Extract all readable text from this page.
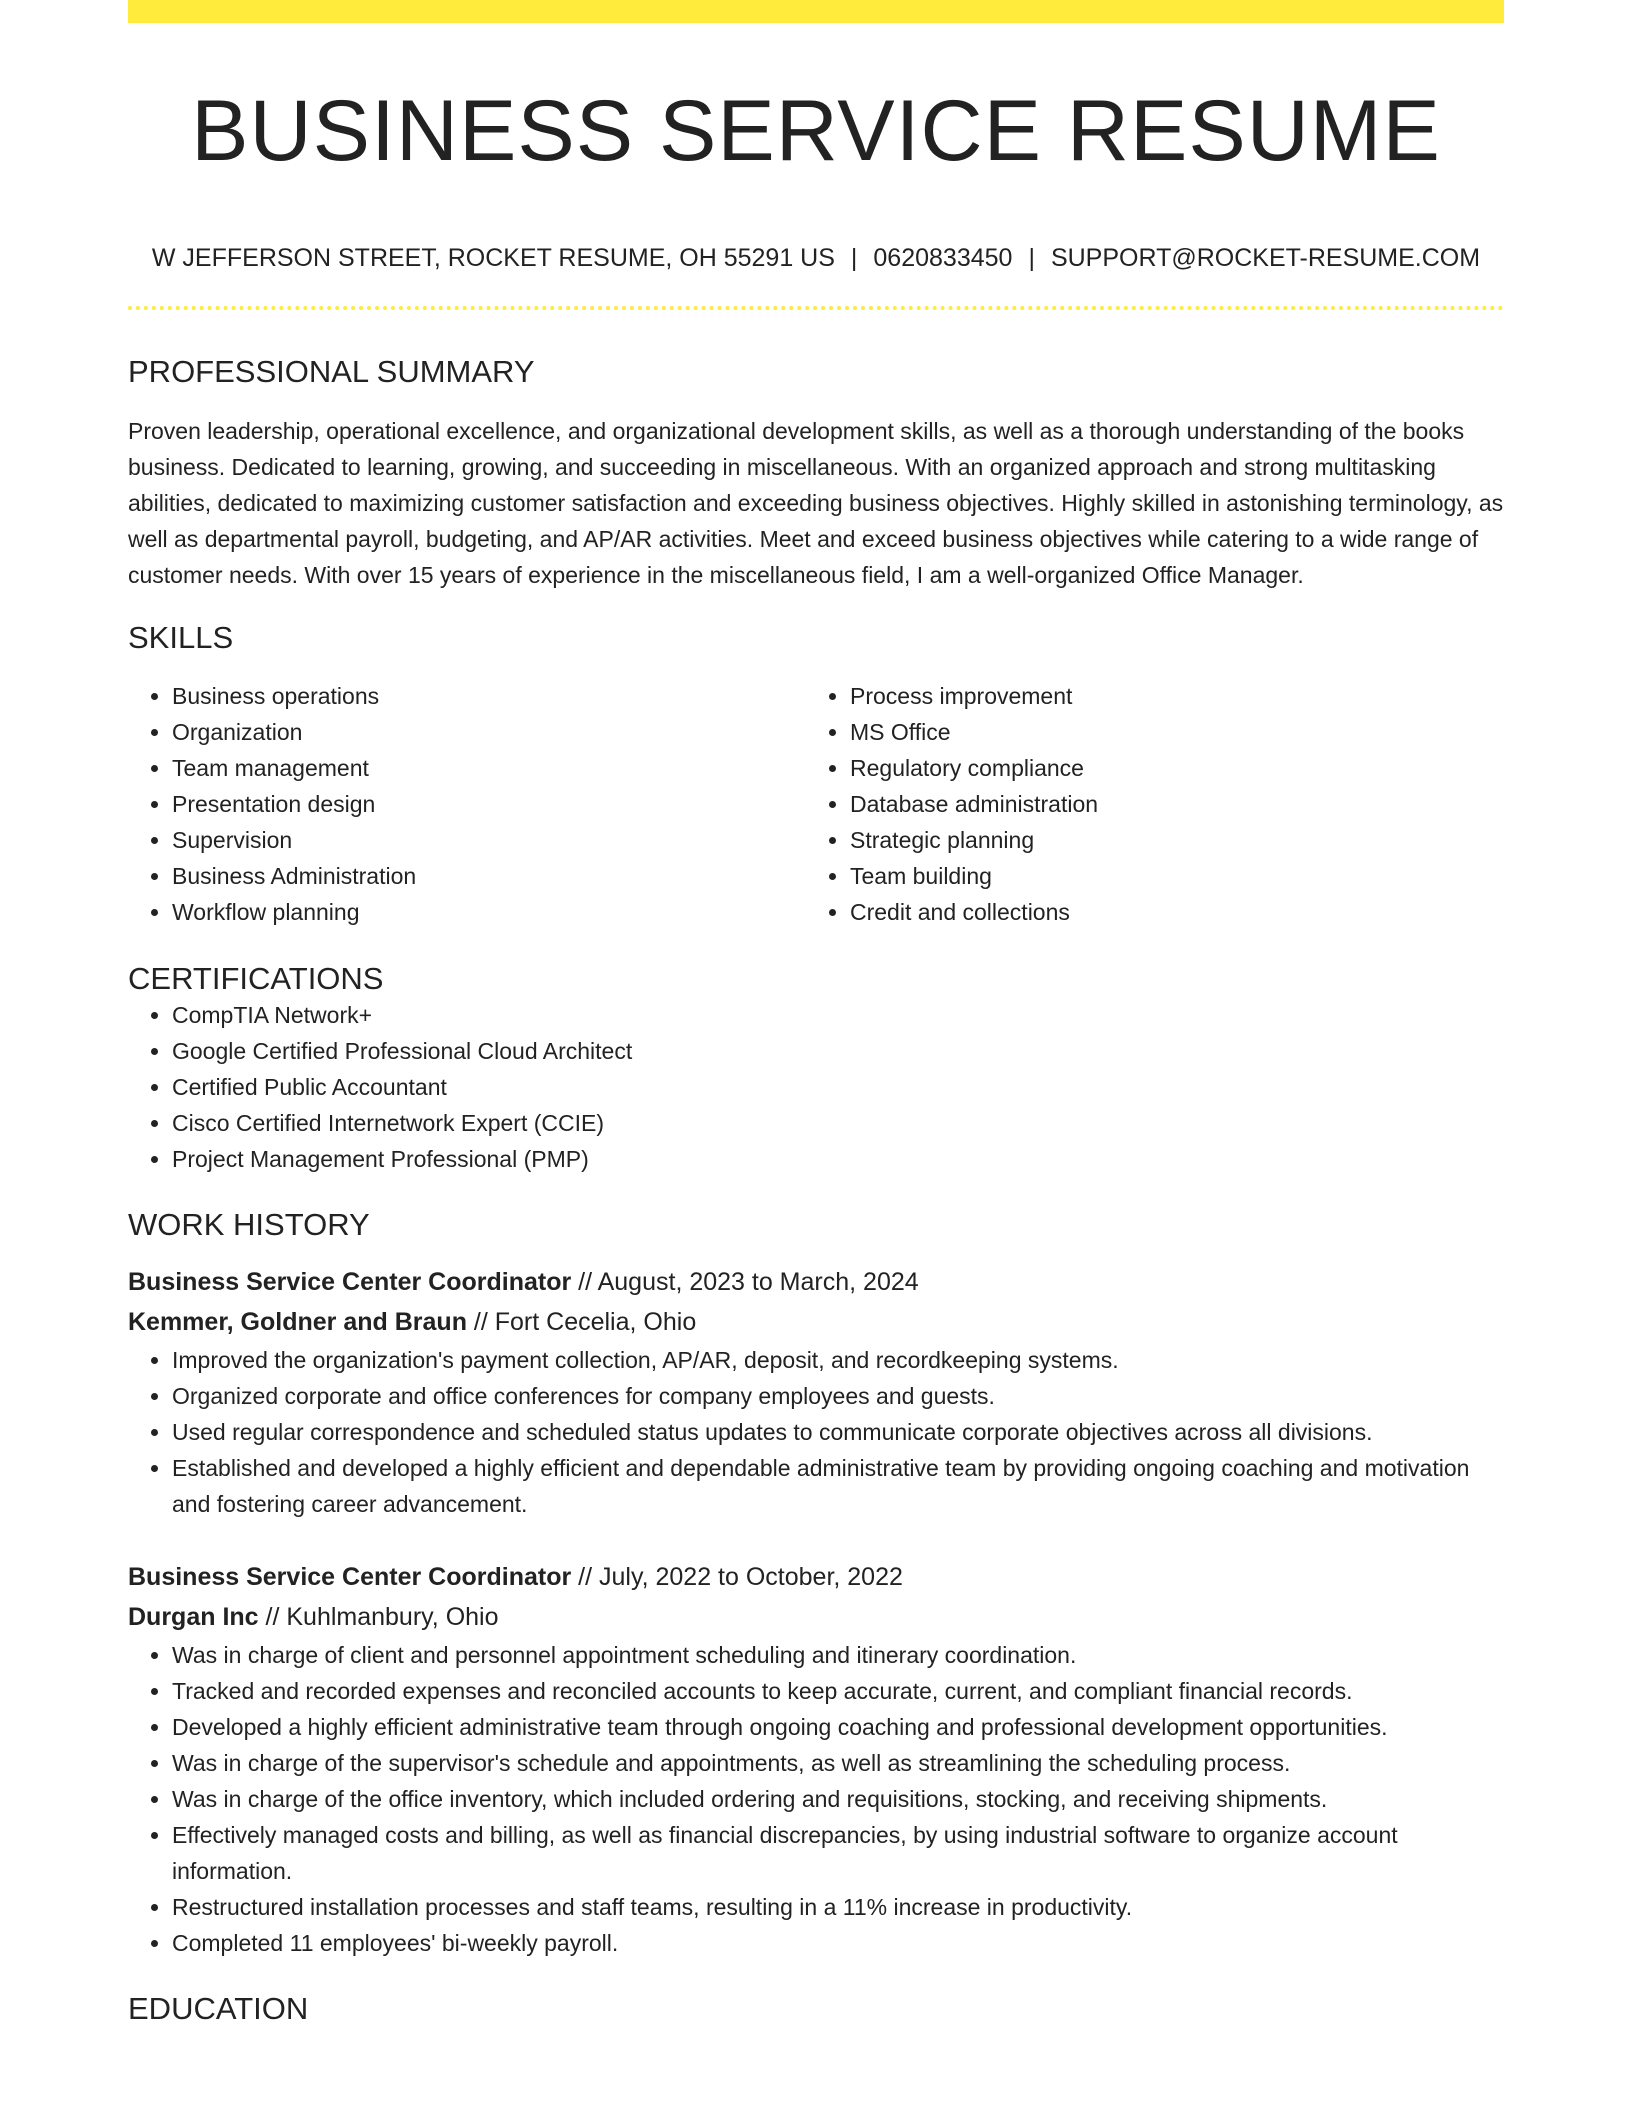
BUSINESS SERVICE RESUME
W JEFFERSON STREET, ROCKET RESUME, OH 55291 US | 0620833450 | SUPPORT@ROCKET-RESUME.COM
PROFESSIONAL SUMMARY
Proven leadership, operational excellence, and organizational development skills, as well as a thorough understanding of the books business. Dedicated to learning, growing, and succeeding in miscellaneous. With an organized approach and strong multitasking abilities, dedicated to maximizing customer satisfaction and exceeding business objectives. Highly skilled in astonishing terminology, as well as departmental payroll, budgeting, and AP/AR activities. Meet and exceed business objectives while catering to a wide range of customer needs. With over 15 years of experience in the miscellaneous field, I am a well-organized Office Manager.
SKILLS
• Business operations
• Organization
• Team management
• Presentation design
• Supervision
• Business Administration
• Workflow planning
• Process improvement
• MS Office
• Regulatory compliance
• Database administration
• Strategic planning
• Team building
• Credit and collections
CERTIFICATIONS
• CompTIA Network+
• Google Certified Professional Cloud Architect
• Certified Public Accountant
• Cisco Certified Internetwork Expert (CCIE)
• Project Management Professional (PMP)
WORK HISTORY
Business Service Center Coordinator // August, 2023 to March, 2024
Kemmer, Goldner and Braun // Fort Cecelia, Ohio
• Improved the organization's payment collection, AP/AR, deposit, and recordkeeping systems.
• Organized corporate and office conferences for company employees and guests.
• Used regular correspondence and scheduled status updates to communicate corporate objectives across all divisions.
• Established and developed a highly efficient and dependable administrative team by providing ongoing coaching and motivation and fostering career advancement.
Business Service Center Coordinator // July, 2022 to October, 2022
Durgan Inc // Kuhlmanbury, Ohio
• Was in charge of client and personnel appointment scheduling and itinerary coordination.
• Tracked and recorded expenses and reconciled accounts to keep accurate, current, and compliant financial records.
• Developed a highly efficient administrative team through ongoing coaching and professional development opportunities.
• Was in charge of the supervisor's schedule and appointments, as well as streamlining the scheduling process.
• Was in charge of the office inventory, which included ordering and requisitions, stocking, and receiving shipments.
• Effectively managed costs and billing, as well as financial discrepancies, by using industrial software to organize account information.
• Restructured installation processes and staff teams, resulting in a 11% increase in productivity.
• Completed 11 employees' bi-weekly payroll.
EDUCATION
